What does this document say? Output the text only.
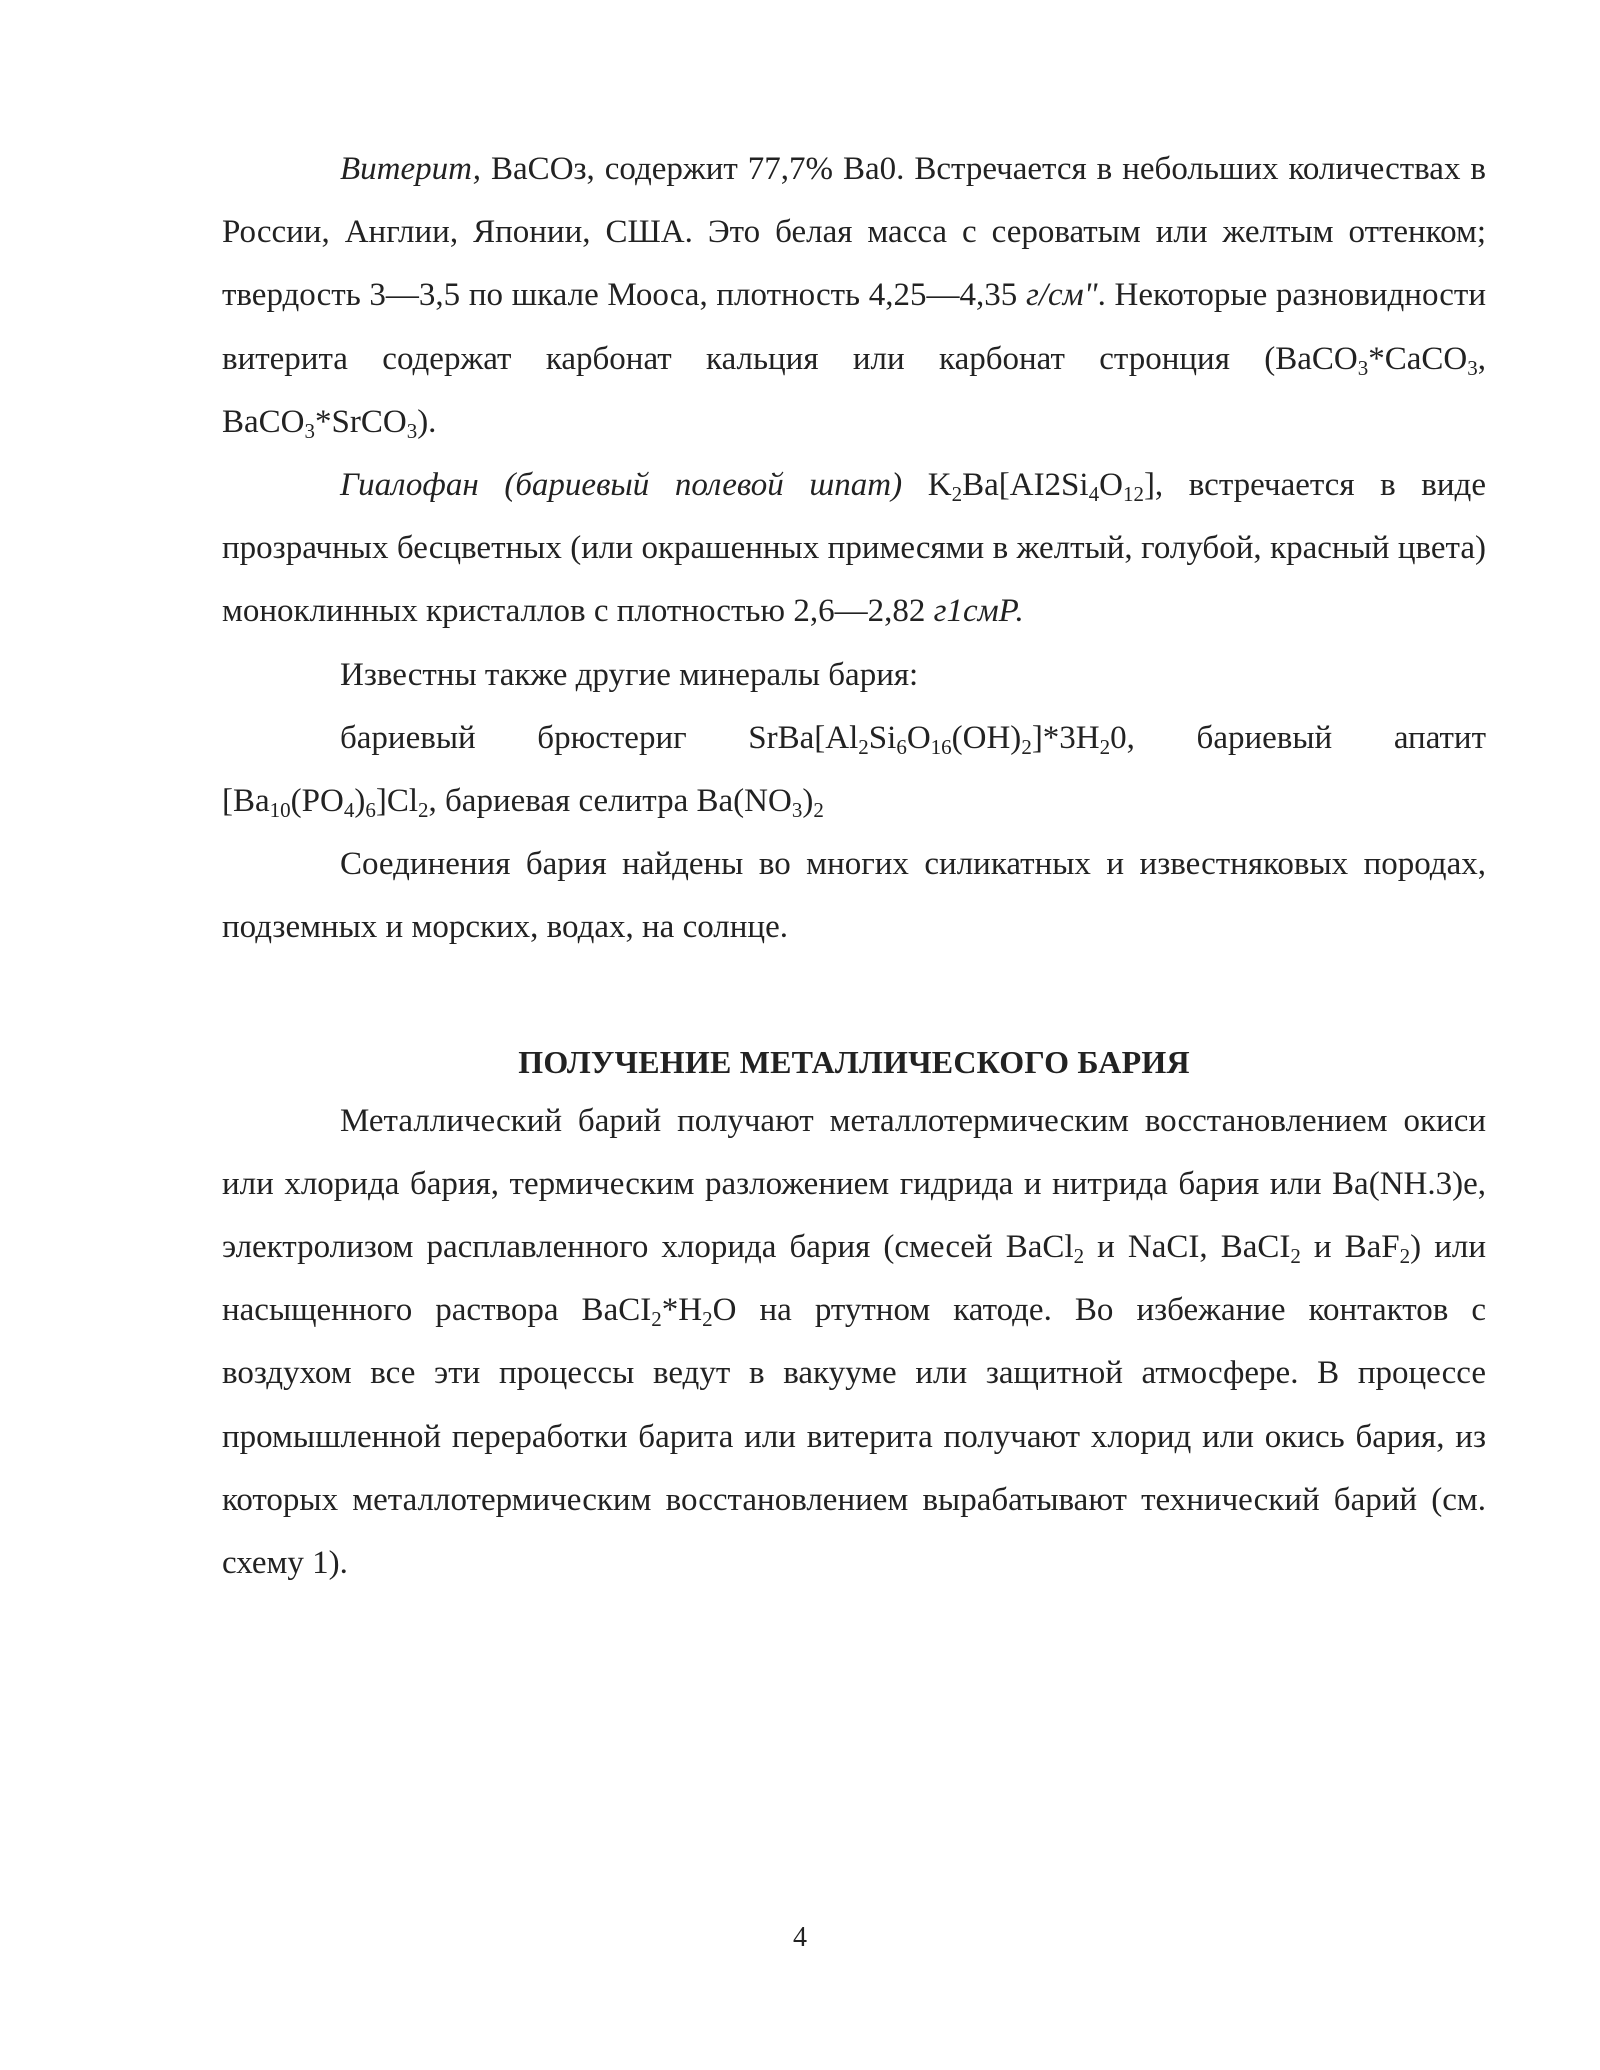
Витерит, BaCOз, содержит 77,7% Ba0. Встречается в небольших количествах в России, Англии, Японии, США. Это белая масса с сероватым или желтым оттенком; твердость 3—3,5 по шкале Мооса, плотность 4,25—4,35 г/см". Некоторые разновидности витерита содержат карбонат кальция или карбонат стронция (BaCO$_3$*CaCO$_3$, BaCO$_3$*SrCO$_3$).

Гиалофан (бариевый полевой шпат) $K_2Ba[AI2Si_4O_{12}]$, встречается в виде прозрачных бесцветных (или окрашенных примесями в желтый, голубой, красный цвета) моноклинных кристаллов с плотностью 2,6—2,82 г1смР.

Известны также другие минералы бария:

бариевый брюстериг $SrBa[Al_2Si_6O_{16}(OH)_2]*3H_20$, бариевый апатит $[Ba_{10}(PO_4)_6]Cl_2$, бариевая селитра $Ba(NO_3)_2$

Соединения бария найдены во многих силикатных и известняковых породах, подземных и морских, водах, на солнце.

ПОЛУЧЕНИЕ МЕТАЛЛИЧЕСКОГО БАРИЯ

Металлический барий получают металлотермическим восстановлением окиси или хлорида бария, термическим разложением гидрида и нитрида бария или Ba(NH.3)e, электролизом расплавленного хлорида бария (смесей BaCl$_2$ и NaCI, BaCI$_2$ и BaF$_2$) или насыщенного раствора $BaCI_2*H_2O$ на ртутном катоде. Во избежание контактов с воздухом все эти процессы ведут в вакууме или защитной атмосфере. В процессе промышленной переработки барита или витерита получают хлорид или окись бария, из которых металлотермическим восстановлением вырабатывают технический барий (см. схему 1).

4
